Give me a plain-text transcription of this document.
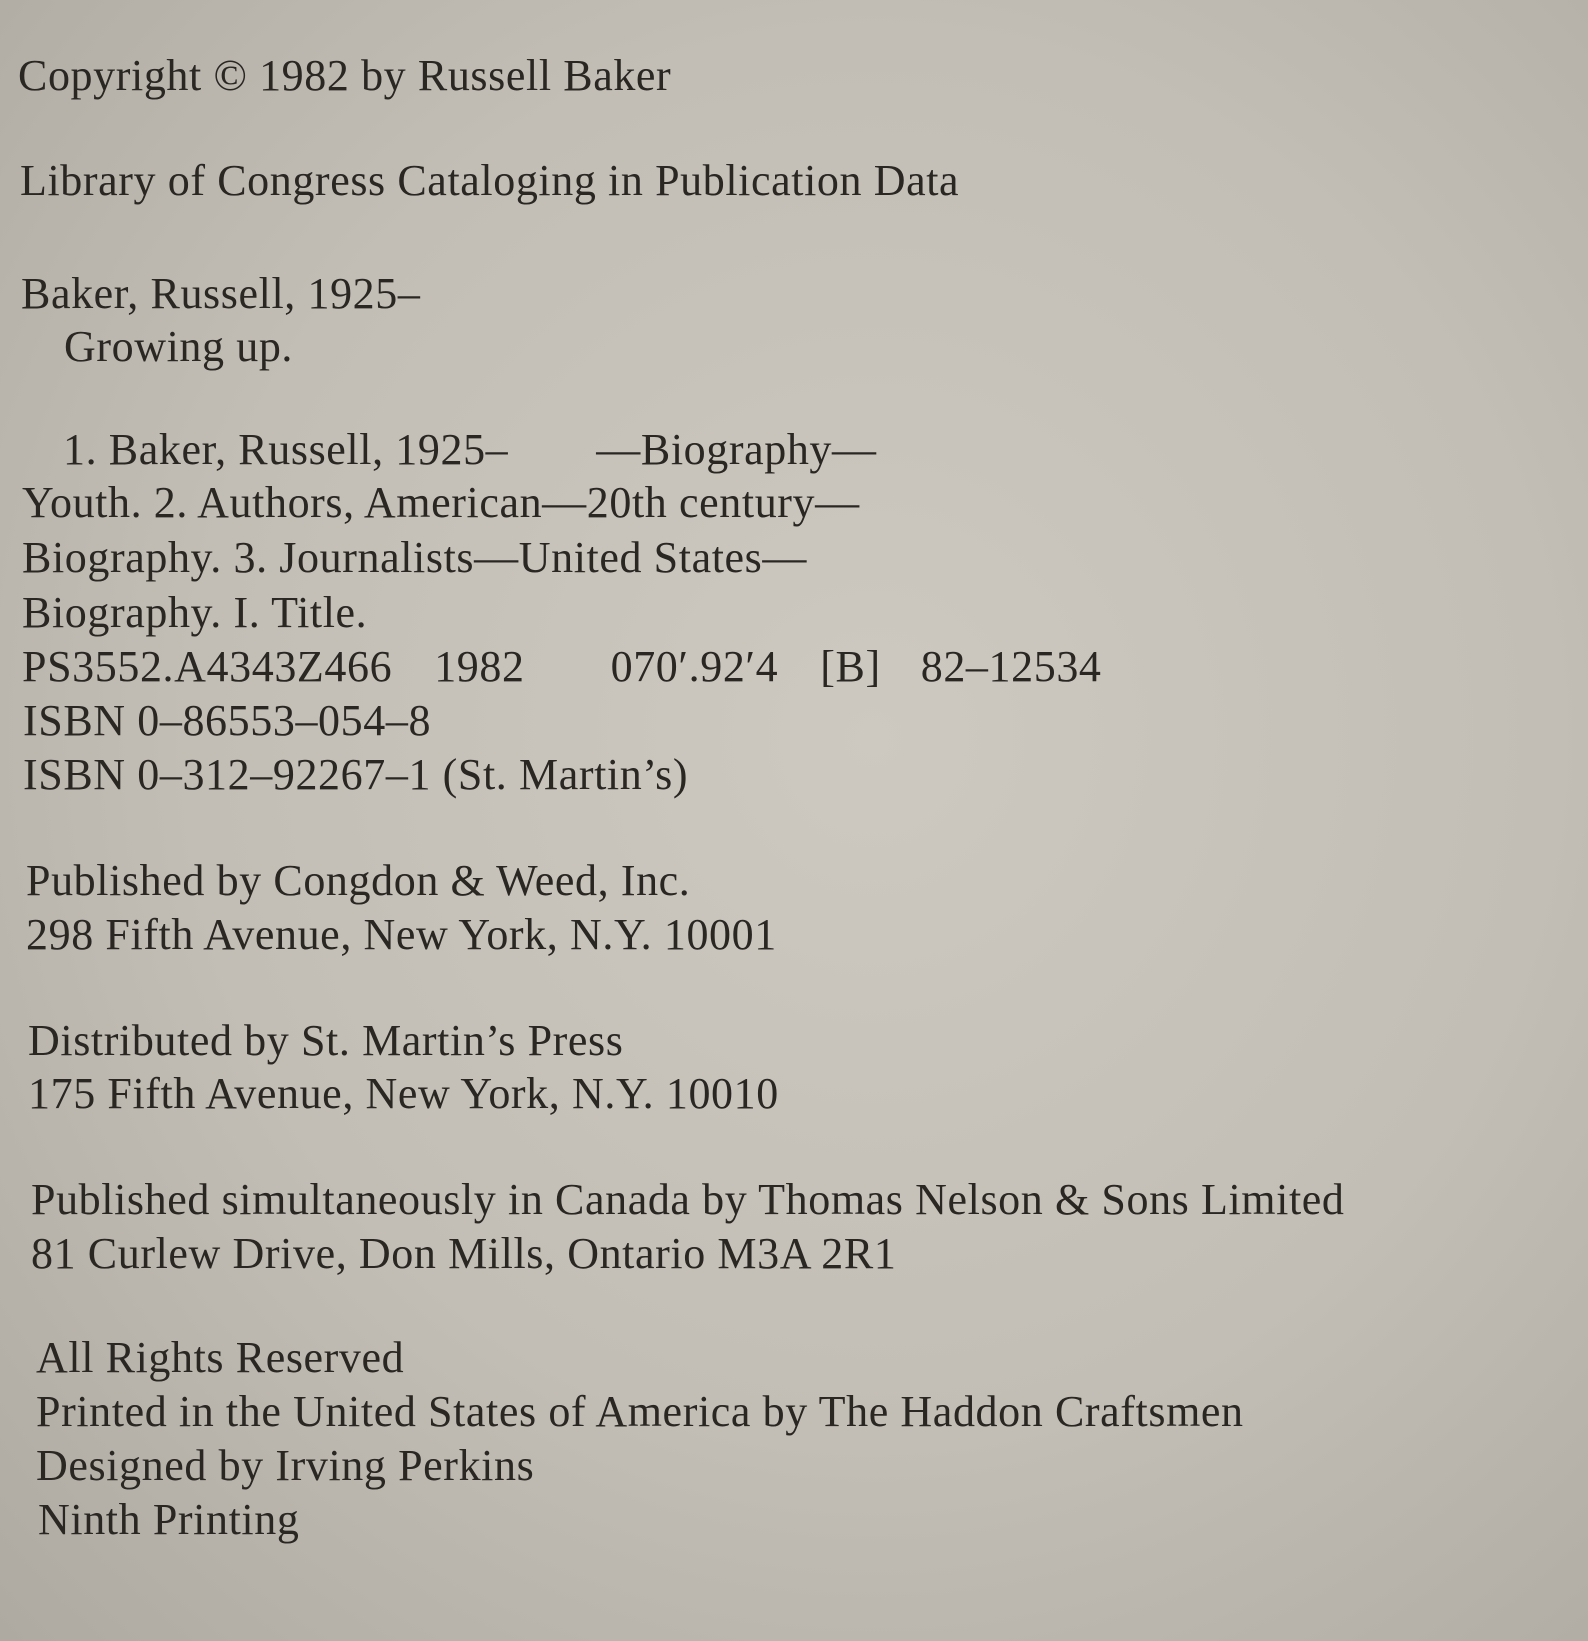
Copyright © 1982 by Russell Baker
Library of Congress Cataloging in Publication Data
Baker, Russell, 1925–
Growing up.
1. Baker, Russell, 1925– —Biography—
Youth. 2. Authors, American—20th century—
Biography. 3. Journalists—United States—
Biography. I. Title.
PS3552.A4343Z466 1982 070′.92′4 [B] 82–12534
ISBN 0–86553–054–8
ISBN 0–312–92267–1 (St. Martin’s)
Published by Congdon & Weed, Inc.
298 Fifth Avenue, New York, N.Y. 10001
Distributed by St. Martin’s Press
175 Fifth Avenue, New York, N.Y. 10010
Published simultaneously in Canada by Thomas Nelson & Sons Limited
81 Curlew Drive, Don Mills, Ontario M3A 2R1
All Rights Reserved
Printed in the United States of America by The Haddon Craftsmen
Designed by Irving Perkins
Ninth Printing
